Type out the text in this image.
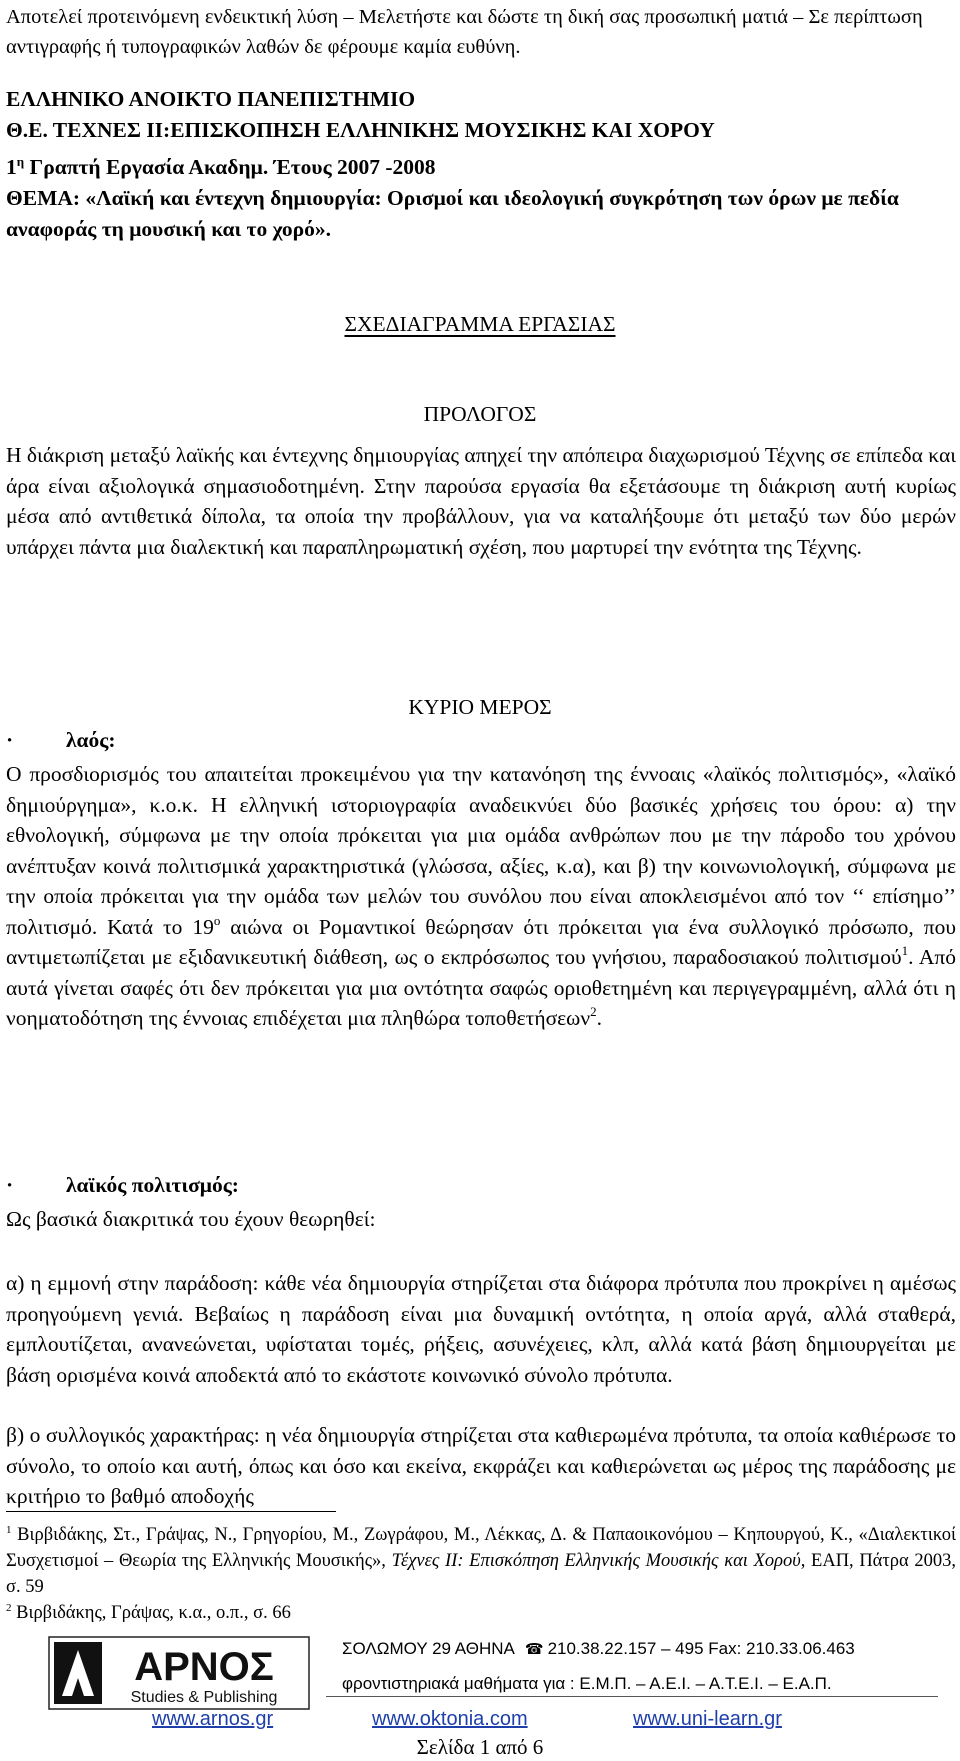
Αποτελεί προτεινόμενη ενδεικτική λύση – Μελετήστε και δώστε τη δική σας προσωπική ματιά – Σε περίπτωση αντιγραφής ή τυπογραφικών λαθών δε φέρουμε καμία ευθύνη.
ΕΛΛΗΝΙΚΟ ΑΝΟΙΚΤΟ ΠΑΝΕΠΙΣΤΗΜΙΟ
Θ.Ε. ΤΕΧΝΕΣ ΙΙ:ΕΠΙΣΚΟΠΗΣΗ ΕΛΛΗΝΙΚΗΣ ΜΟΥΣΙΚΗΣ ΚΑΙ ΧΟΡΟΥ
$1^\eta$ Γραπτή Εργασία Ακαδημ. Έτους 2007 -2008
ΘΕΜΑ: «Λαϊκή και έντεχνη δημιουργία: Ορισμοί και ιδεολογική συγκρότηση των όρων με πεδία αναφοράς τη μουσική και το χορό».
ΣΧΕΔΙΑΓΡΑΜΜΑ ΕΡΓΑΣΙΑΣ
ΠΡΟΛΟΓΟΣ
Η διάκριση μεταξύ λαϊκής και έντεχνης δημιουργίας απηχεί την απόπειρα διαχωρισμού Τέχνης σε επίπεδα και άρα είναι αξιολογικά σημασιοδοτημένη. Στην παρούσα εργασία θα εξετάσουμε τη διάκριση αυτή κυρίως μέσα από αντιθετικά δίπολα, τα οποία την προβάλλουν, για να καταλήξουμε ότι μεταξύ των δύο μερών υπάρχει πάντα μια διαλεκτική και παραπληρωματική σχέση, που μαρτυρεί την ενότητα της Τέχνης.
ΚΥΡΙΟ ΜΕΡΟΣ
· λαός:
Ο προσδιορισμός του απαιτείται προκειμένου για την κατανόηση της έννοαις «λαϊκός πολιτισμός», «λαϊκό δημιούργημα», κ.ο.κ. Η ελληνική ιστοριογραφία αναδεικνύει δύο βασικές χρήσεις του όρου: α) την εθνολογική, σύμφωνα με την οποία πρόκειται για μια ομάδα ανθρώπων που με την πάροδο του χρόνου ανέπτυξαν κοινά πολιτισμικά χαρακτηριστικά (γλώσσα, αξίες, κ.α), και β) την κοινωνιολογική, σύμφωνα με την οποία πρόκειται για την ομάδα των μελών του συνόλου που είναι αποκλεισμένοι από τον ‘‘ επίσημο’’ πολιτισμό. Κατά το 19$^o$ αιώνα οι Ρομαντικοί θεώρησαν ότι πρόκειται για ένα συλλογικό πρόσωπο, που αντιμετωπίζεται με εξιδανικευτική διάθεση, ως ο εκπρόσωπος του γνήσιου, παραδοσιακού πολιτισμού$^1$. Από αυτά γίνεται σαφές ότι δεν πρόκειται για μια οντότητα σαφώς οριοθετημένη και περιγεγραμμένη, αλλά ότι η νοηματοδότηση της έννοιας επιδέχεται μια πληθώρα τοποθετήσεων$^2$.
· λαϊκός πολιτισμός:
Ως βασικά διακριτικά του έχουν θεωρηθεί:
α) η εμμονή στην παράδοση: κάθε νέα δημιουργία στηρίζεται στα διάφορα πρότυπα που προκρίνει η αμέσως προηγούμενη γενιά. Βεβαίως η παράδοση είναι μια δυναμική οντότητα, η οποία αργά, αλλά σταθερά, εμπλουτίζεται, ανανεώνεται, υφίσταται τομές, ρήξεις, ασυνέχειες, κλπ, αλλά κατά βάση δημιουργείται με βάση ορισμένα κοινά αποδεκτά από το εκάστοτε κοινωνικό σύνολο πρότυπα.
β) ο συλλογικός χαρακτήρας: η νέα δημιουργία στηρίζεται στα καθιερωμένα πρότυπα, τα οποία καθιέρωσε το σύνολο, το οποίο και αυτή, όπως και όσο και εκείνα, εκφράζει και καθιερώνεται ως μέρος της παράδοσης με κριτήριο το βαθμό αποδοχής
$^1$ Βιρβιδάκης, Στ., Γράψας, Ν., Γρηγορίου, Μ., Ζωγράφου, Μ., Λέκκας, Δ. & Παπαοικονόμου – Κηπουργού, Κ., «Διαλεκτικοί Συσχετισμοί – Θεωρία της Ελληνικής Μουσικής», Τέχνες ΙΙ: Επισκόπηση Ελληνικής Μουσικής και Χορού, ΕΑΠ, Πάτρα 2003, σ. 59
$^2$ Βιρβιδάκης, Γράψας, κ.α., ο.π., σ. 66
ΑΡΝΟΣ
Studies & Publishing
ΣΟΛΩΜΟΥ 29 ΑΘΗΝΑ ☎ 210.38.22.157 – 495 Fax: 210.33.06.463
φροντιστηριακά μαθήματα για : Ε.Μ.Π. – Α.Ε.Ι. – Α.Τ.Ε.Ι. – Ε.Α.Π.
www.arnos.gr	www.oktonia.com	www.uni-learn.gr
Σελίδα 1 από 6
